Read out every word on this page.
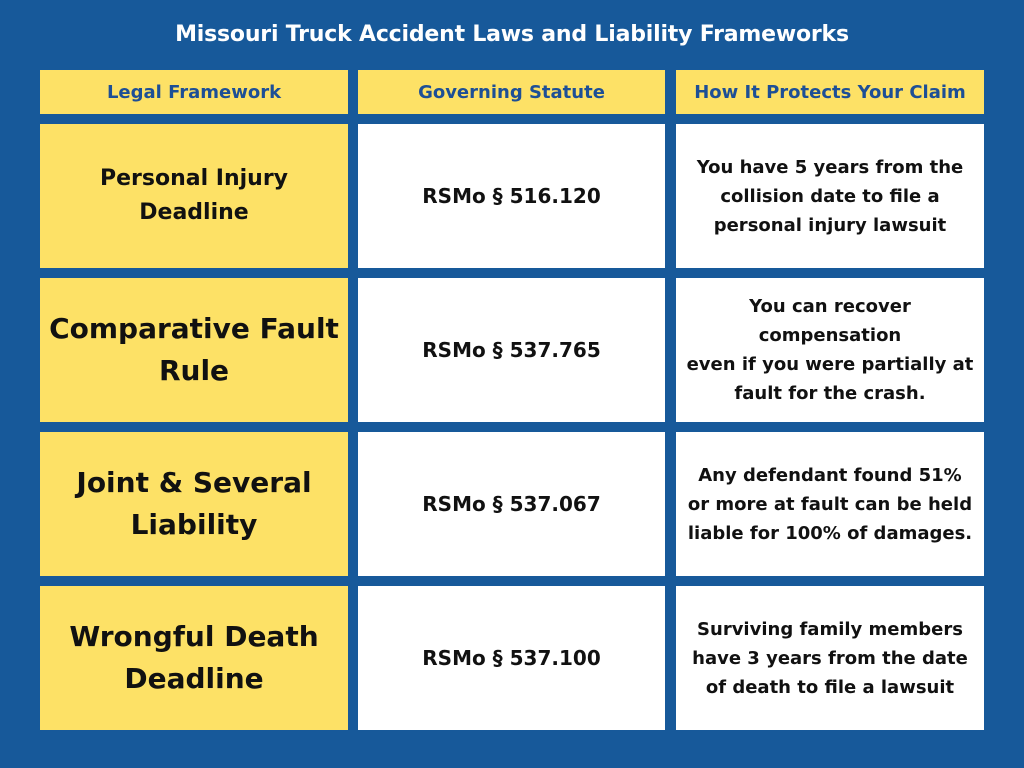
Missouri Truck Accident Laws and Liability Frameworks
Legal Framework	Governing Statute	How It Protects Your Claim
Personal Injury
Deadline
RSMo § 516.120
You have 5 years from the
collision date to file a
personal injury lawsuit
Comparative Fault
Rule
RSMo § 537.765
You can recover compensation
even if you were partially at
fault for the crash.
Joint & Several
Liability
RSMo § 537.067
Any defendant found 51%
or more at fault can be held
liable for 100% of damages.
Wrongful Death
Deadline
RSMo § 537.100
Surviving family members
have 3 years from the date
of death to file a lawsuit
